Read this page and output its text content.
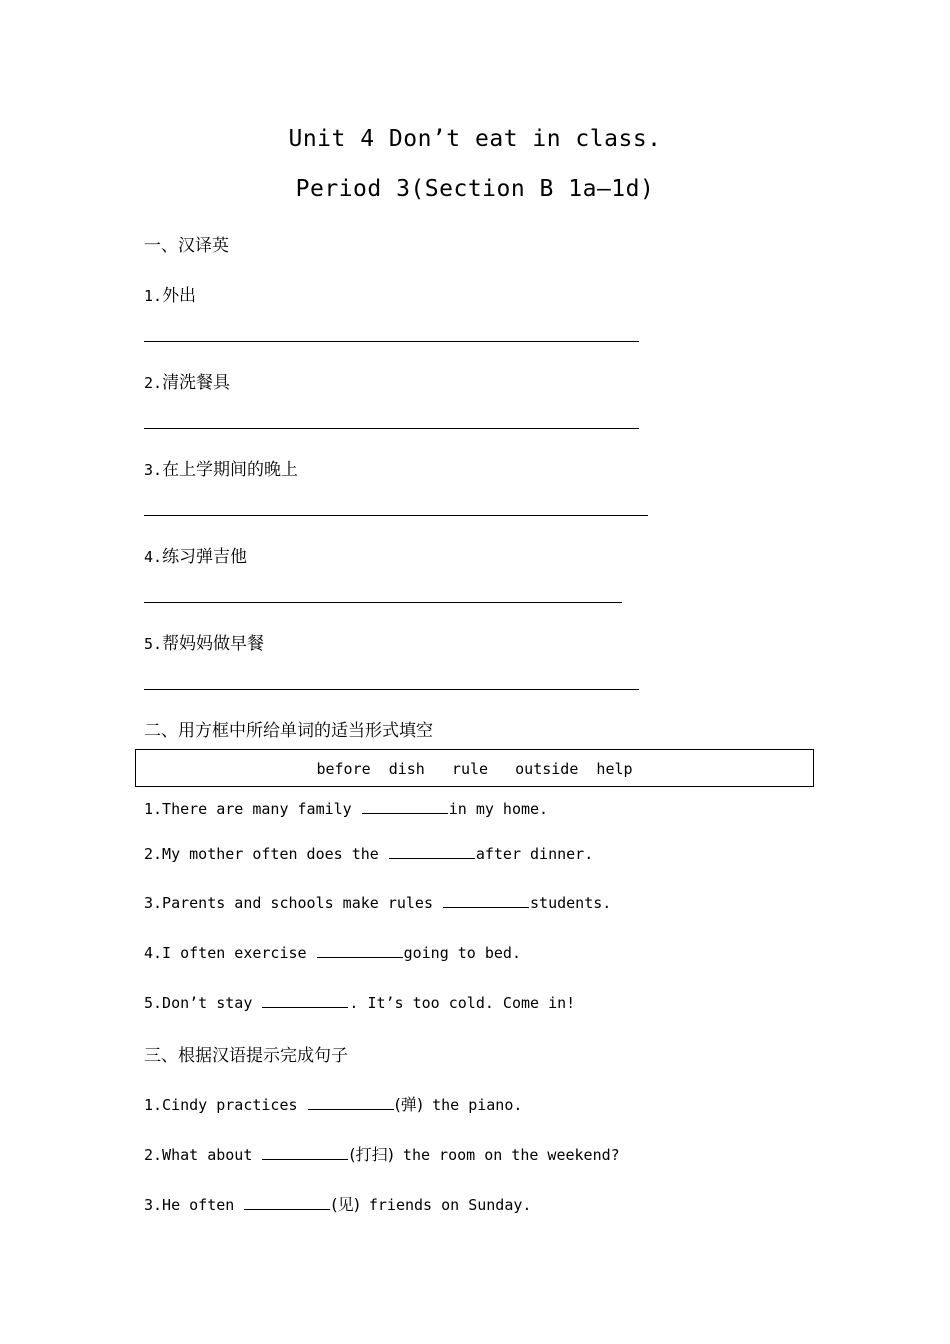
Unit 4 Don’t eat in class.
Period 3(Section B 1a—1d)
一、汉译英
1.外出
2.清洗餐具
3.在上学期间的晚上
4.练习弹吉他
5.帮妈妈做早餐
二、用方框中所给单词的适当形式填空
before  dish   rule   outside  help
1.There are many family	in my home.
2.My mother often does the	after dinner.
3.Parents and schools make rules	students.
4.I often exercise	going to bed.
5.Don’t stay	. It’s too cold. Come in!
三、根据汉语提示完成句子
1.Cindy practices	(弹) the piano.
2.What about	(打扫) the room on the weekend?
3.He often	(见) friends on Sunday.
